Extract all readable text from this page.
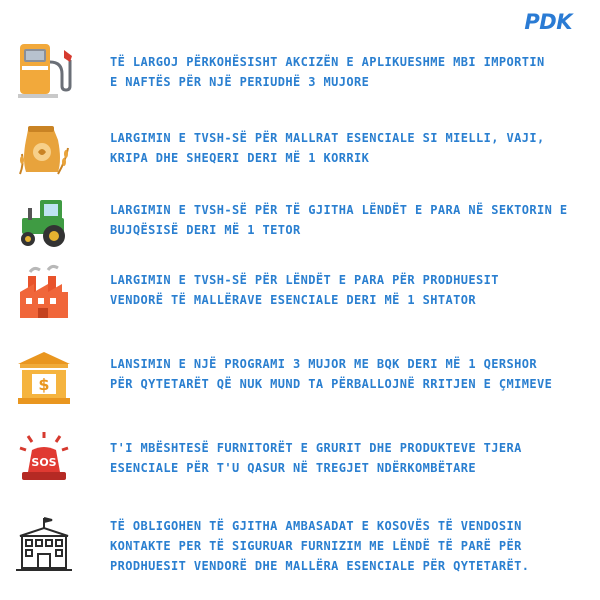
PDK
TË LARGOJ PËRKOHËSISHT AKCIZËN E APLIKUESHME MBI IMPORTIN
E NAFTËS PËR NJË PERIUDHË 3 MUJORE
LARGIMIN E TVSH-SË PËR MALLRAT ESENCIALE SI MIELLI, VAJI,
KRIPA DHE SHEQERI DERI MË 1 KORRIK
LARGIMIN E TVSH-SË PËR TË GJITHA LËNDËT E PARA NË SEKTORIN E
BUJQËSISË DERI MË 1 TETOR
LARGIMIN E TVSH-SË PËR LËNDËT E PARA PËR PRODHUESIT
VENDORË TË MALLËRAVE ESENCIALE DERI MË 1 SHTATOR
$
LANSIMIN E NJË PROGRAMI 3 MUJOR ME BQK DERI MË 1 QERSHOR
PËR QYTETARËT QË NUK MUND TA PËRBALLOJNË RRITJEN E ÇMIMEVE
SOS
T'I MBËSHTESË FURNITORËT E GRURIT DHE PRODUKTEVE TJERA
ESENCIALE PËR T'U QASUR NË TREGJET NDËRKOMBËTARE
TË OBLIGOHEN TË GJITHA AMBASADAT E KOSOVËS TË VENDOSIN
KONTAKTE PER TË SIGURUAR FURNIZIM ME LËNDË TË PARË PËR
PRODHUESIT VENDORË DHE MALLËRA ESENCIALE PËR QYTETARËT.
